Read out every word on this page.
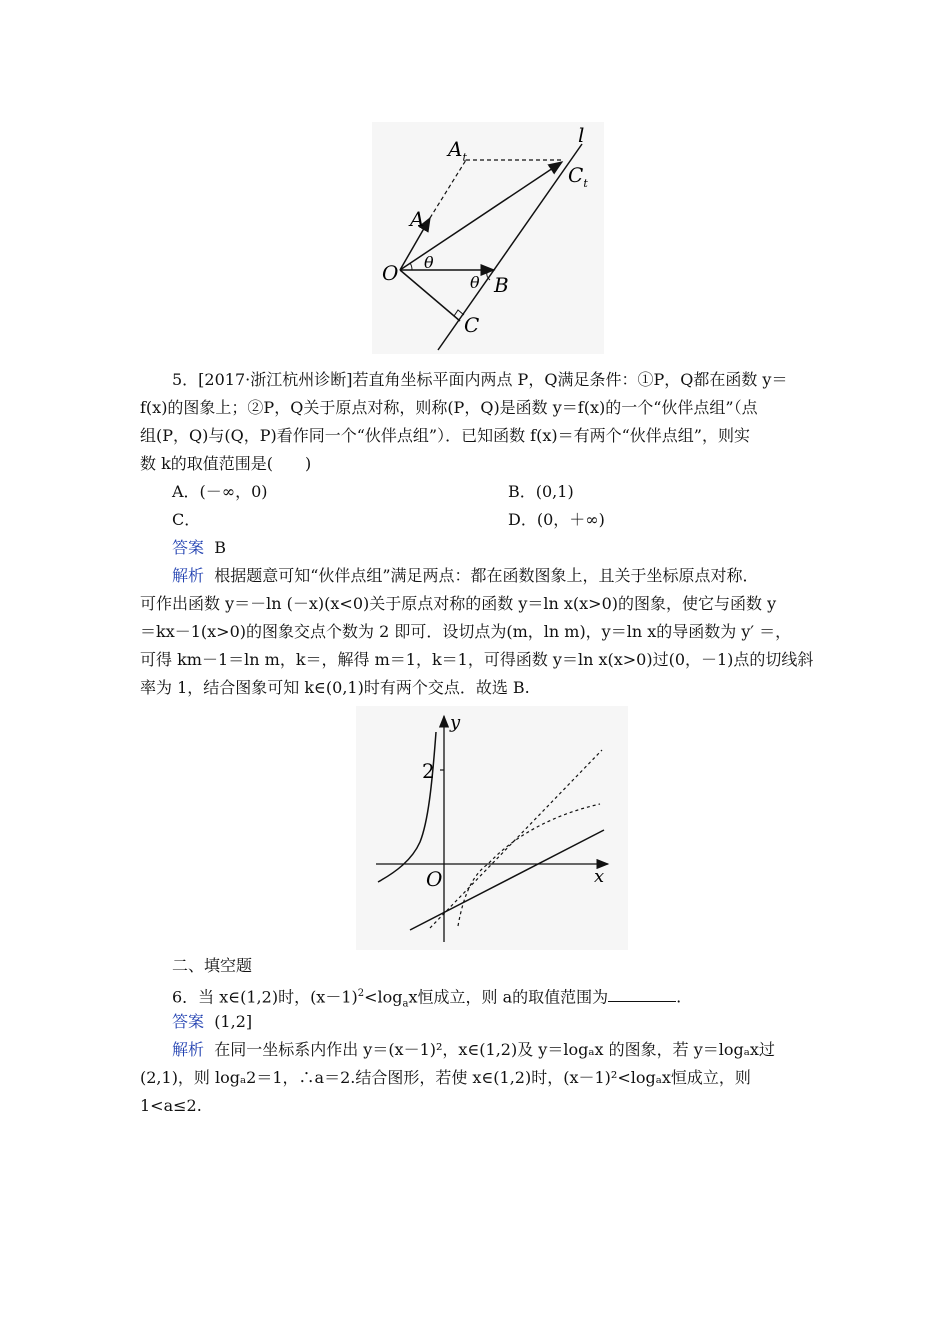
$A_t$
l
$C_t$
A
O θ
θ B
C

5．[2017·浙江杭州诊断]若直角坐标平面内两点 P，Q满足条件：①P，Q都在函数 y＝

f(x)的图象上；②P，Q关于原点对称，则称(P，Q)是函数 y＝f(x)的一个“伙伴点组”（点

组(P，Q)与(Q，P)看作同一个“伙伴点组”）．已知函数 f(x)＝有两个“伙伴点组”，则实

数 k的取值范围是(　　)

A．(－∞，0)	B．(0,1)
C．	D．(0，＋∞)

答案 B

解析 根据题意可知“伙伴点组”满足两点：都在函数图象上，且关于坐标原点对称．

可作出函数 y＝－ln (－x)(x<0)关于原点对称的函数 y＝ln x(x>0)的图象，使它与函数 y

＝kx－1(x>0)的图象交点个数为 2 即可．设切点为(m，ln m)，y＝ln x的导函数为 y′ ＝，

可得 km－1＝ln m，k＝，解得 m＝1，k＝1，可得函数 y＝ln x(x>0)过(0，－1)点的切线斜

率为 1，结合图象可知 k∈(0,1)时有两个交点．故选 B.

y
2
O	x

二、填空题

6．当 x∈(1,2)时，$(x-1)^2<\log_ax$恒成立，则 a的取值范围为	.

答案 (1,2]

解析 在同一坐标系内作出 y＝(x－1)²，x∈(1,2)及 y＝logₐx 的图象，若 y＝logₐx过

(2,1)，则 logₐ2＝1，∴a＝2.结合图形，若使 x∈(1,2)时，(x－1)²<logₐx恒成立，则

1<a≤2.
